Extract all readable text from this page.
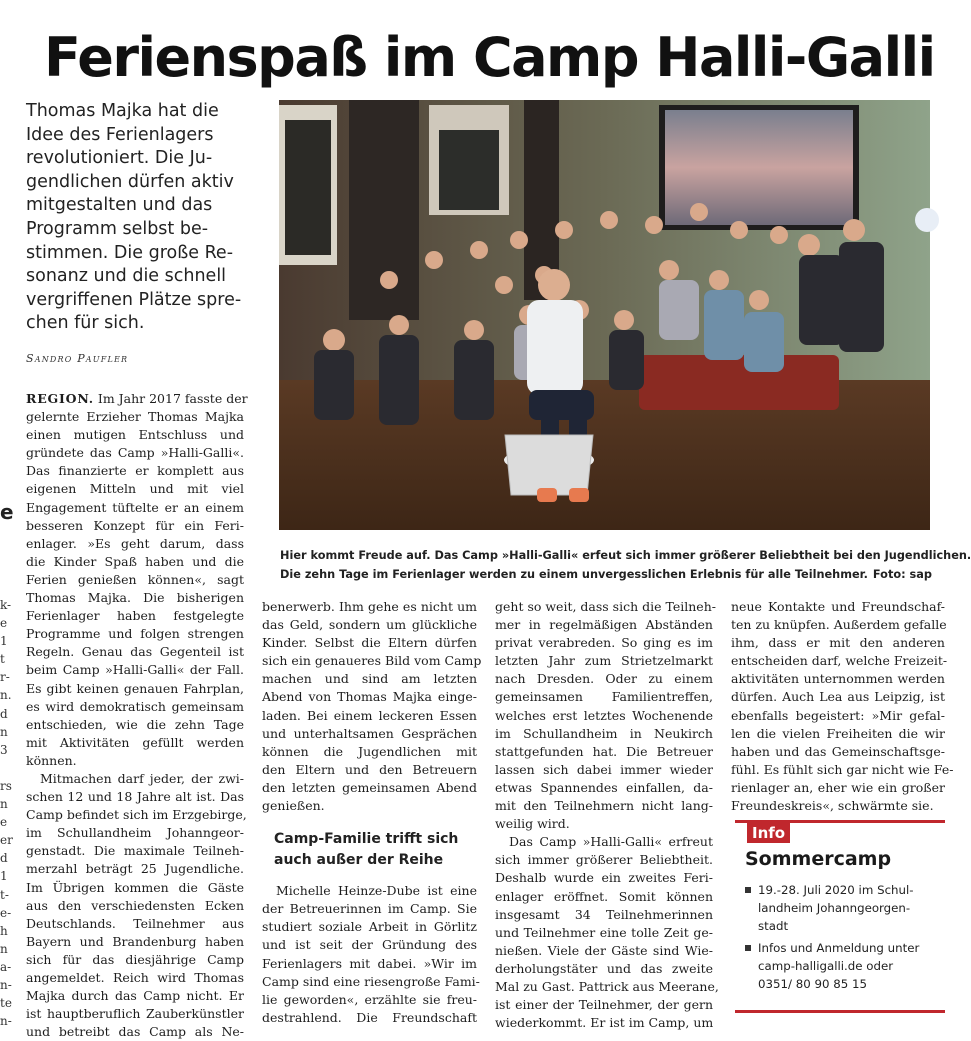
Ferienspaß im Camp Halli-Galli
Thomas Majka hat die
Idee des Ferienlagers
revolutioniert. Die Ju-
gendlichen dürfen aktiv
mitgestalten und das
Programm selbst be-
stimmen. Die große Re-
sonanz und die schnell
vergriffenen Plätze spre-
chen für sich.
Sandro Paufler
Hier kommt Freude auf. Das Camp »Halli-Galli« erfeut sich immer größerer Beliebtheit bei den Jugendlichen.
Die zehn Tage im Ferienlager werden zu einem unvergesslichen Erlebnis für alle Teilnehmer. Foto: sap
e
k-
e
1
t
r-
n.
d
n
3

rs
n
e
er
d
1
t-
e-
h
n
a-
n-
te
n-
REGION. Im Jahr 2017 fasste der
gelernte Erzieher Thomas Majka
einen mutigen Entschluss und
gründete das Camp »Halli-Galli«.
Das finanzierte er komplett aus
eigenen Mitteln und mit viel
Engagement tüftelte er an einem
besseren Konzept für ein Feri-
enlager. »Es geht darum, dass
die Kinder Spaß haben und die
Ferien genießen können«, sagt
Thomas Majka. Die bisherigen
Ferienlager haben festgelegte
Programme und folgen strengen
Regeln. Genau das Gegenteil ist
beim Camp »Halli-Galli« der Fall.
Es gibt keinen genauen Fahrplan,
es wird demokratisch gemeinsam
entschieden, wie die zehn Tage
mit Aktivitäten gefüllt werden
können.
Mitmachen darf jeder, der zwi-
schen 12 und 18 Jahre alt ist. Das
Camp befindet sich im Erzgebirge,
im Schullandheim Johanngeor-
genstadt. Die maximale Teilneh-
merzahl beträgt 25 Jugendliche.
Im Übrigen kommen die Gäste
aus den verschiedensten Ecken
Deutschlands. Teilnehmer aus
Bayern und Brandenburg haben
sich für das diesjährige Camp
angemeldet. Reich wird Thomas
Majka durch das Camp nicht. Er
ist hauptberuflich Zauberkünstler
und betreibt das Camp als Ne-
benerwerb. Ihm gehe es nicht um
das Geld, sondern um glückliche
Kinder. Selbst die Eltern dürfen
sich ein genaueres Bild vom Camp
machen und sind am letzten
Abend von Thomas Majka einge-
laden. Bei einem leckeren Essen
und unterhaltsamen Gesprächen
können die Jugendlichen mit
den Eltern und den Betreuern
den letzten gemeinsamen Abend
genießen.
Camp-Familie trifft sich
auch außer der Reihe
Michelle Heinze-Dube ist eine
der Betreuerinnen im Camp. Sie
studiert soziale Arbeit in Görlitz
und ist seit der Gründung des
Ferienlagers mit dabei. »Wir im
Camp sind eine riesengroße Fami-
lie geworden«, erzählte sie freu-
destrahlend. Die Freundschaft
geht so weit, dass sich die Teilneh-
mer in regelmäßigen Abständen
privat verabreden. So ging es im
letzten Jahr zum Strietzelmarkt
nach Dresden. Oder zu einem
gemeinsamen Familientreffen,
welches erst letztes Wochenende
im Schullandheim in Neukirch
stattgefunden hat. Die Betreuer
lassen sich dabei immer wieder
etwas Spannendes einfallen, da-
mit den Teilnehmern nicht lang-
weilig wird.
Das Camp »Halli-Galli« erfreut
sich immer größerer Beliebtheit.
Deshalb wurde ein zweites Feri-
enlager eröffnet. Somit können
insgesamt 34 Teilnehmerinnen
und Teilnehmer eine tolle Zeit ge-
nießen. Viele der Gäste sind Wie-
derholungstäter und das zweite
Mal zu Gast. Pattrick aus Meerane,
ist einer der Teilnehmer, der gern
wiederkommt. Er ist im Camp, um
neue Kontakte und Freundschaf-
ten zu knüpfen. Außerdem gefalle
ihm, dass er mit den anderen
entscheiden darf, welche Freizeit-
aktivitäten unternommen werden
dürfen. Auch Lea aus Leipzig, ist
ebenfalls begeistert: »Mir gefal-
len die vielen Freiheiten die wir
haben und das Gemeinschaftsge-
fühl. Es fühlt sich gar nicht wie Fe-
rienlager an, eher wie ein großer
Freundeskreis«, schwärmte sie.
Info
Sommercamp
19.-28. Juli 2020 im Schul-
landheim Johanngeorgen-
stadt
Infos und Anmeldung unter
camp-halligalli.de oder
0351/ 80 90 85 15
